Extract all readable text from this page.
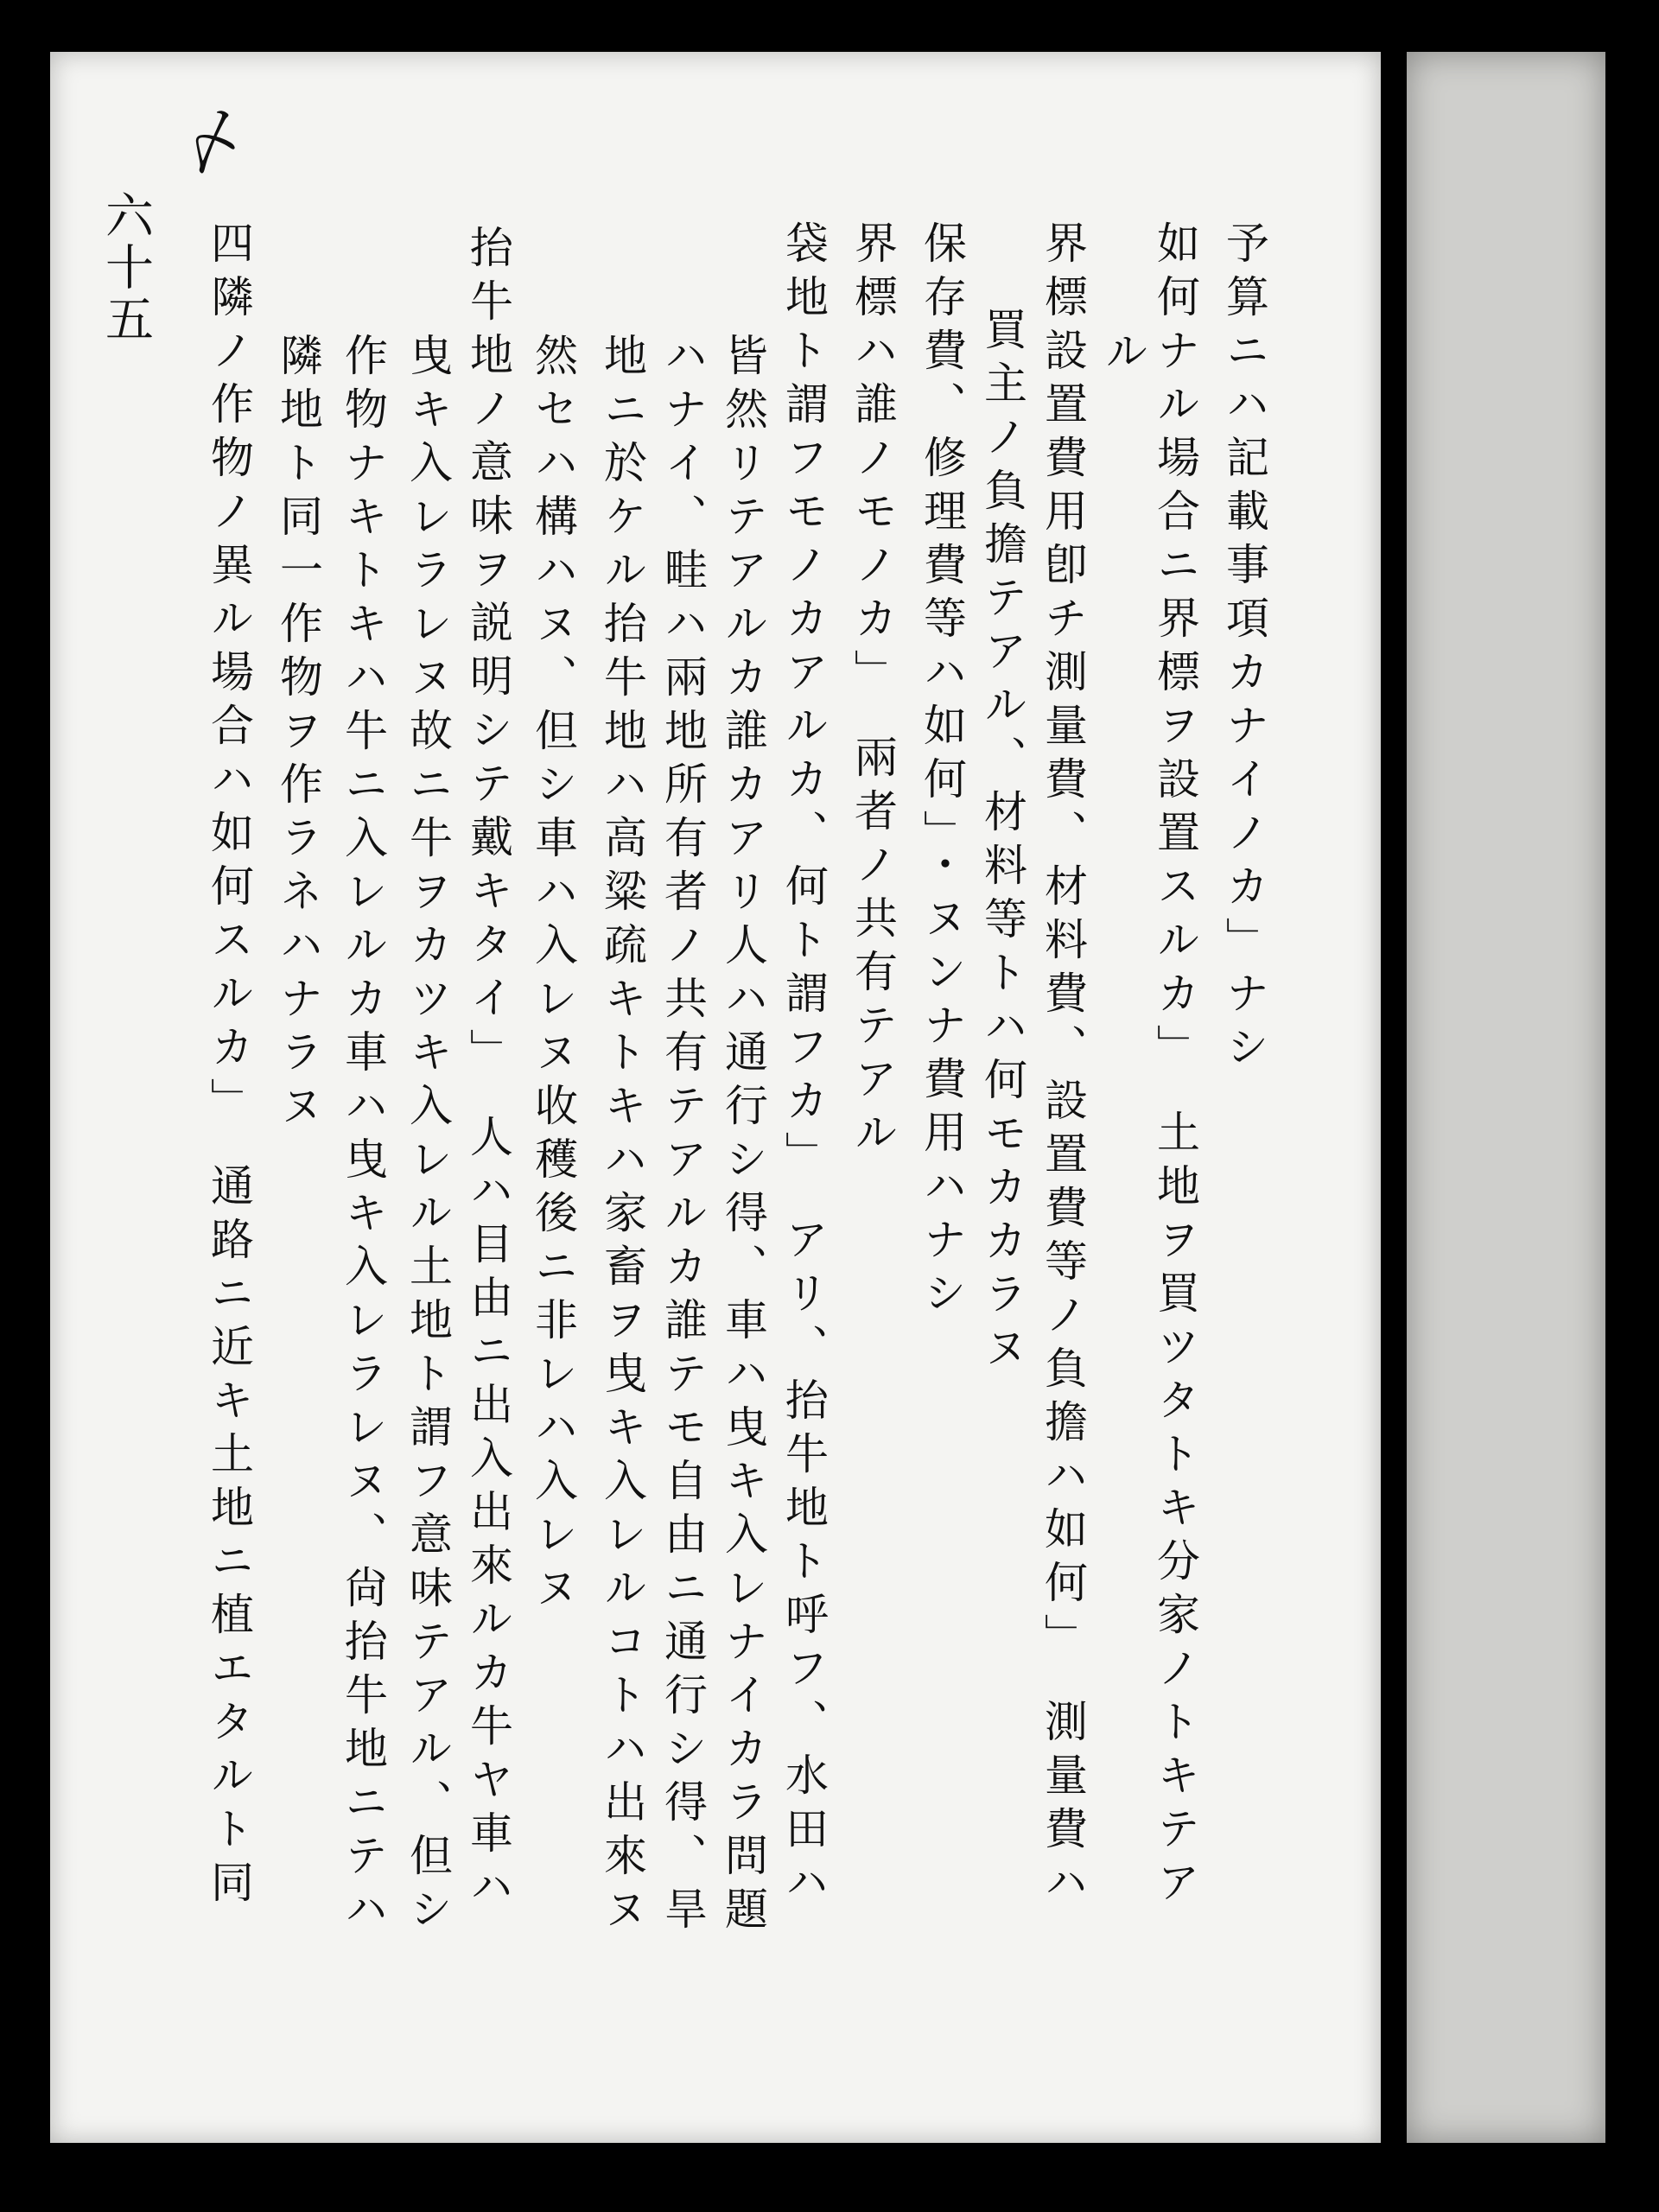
〆
六十五	予算ニハ記載事項カナイノカ」ナシ
如何ナル場合ニ界標ヲ設置スルカ」　土地ヲ買ツタトキ分家ノトキテア
ル
界標設置費用卽チ測量費、材料費、設置費等ノ負擔ハ如何」　測量費ハ
買主ノ負擔テアル、材料等トハ何モカカラヌ
保存費、修理費等ハ如何」・ヌンナ費用ハナシ
界標ハ誰ノモノカ」　兩者ノ共有テアル
袋地ト謂フモノカアルカ、何ト謂フカ」　アリ、抬牛地ト呼フ、水田ハ
皆然リテアルカ誰カアリ人ハ通行シ得、車ハ曳キ入レナイカラ問題
ハナイ、畦ハ兩地所有者ノ共有テアルカ誰テモ自由ニ通行シ得、旱
地ニ於ケル抬牛地ハ高粱疏キトキハ家畜ヲ曳キ入レルコトハ出來ヌ
然セハ構ハヌ、但シ車ハ入レヌ收穫後ニ非レハ入レヌ
抬牛地ノ意味ヲ説明シテ戴キタイ」　人ハ目由ニ出入出來ルカ牛ヤ車ハ
曳キ入レラレヌ故ニ牛ヲカツキ入レル土地ト謂フ意味テアル、但シ
作物ナキトキハ牛ニ入レルカ車ハ曳キ入レラレヌ、尙抬牛地ニテハ
隣地ト同一作物ヲ作ラネハナラヌ
四隣ノ作物ノ異ル場合ハ如何スルカ」　通路ニ近キ土地ニ植エタルト同
